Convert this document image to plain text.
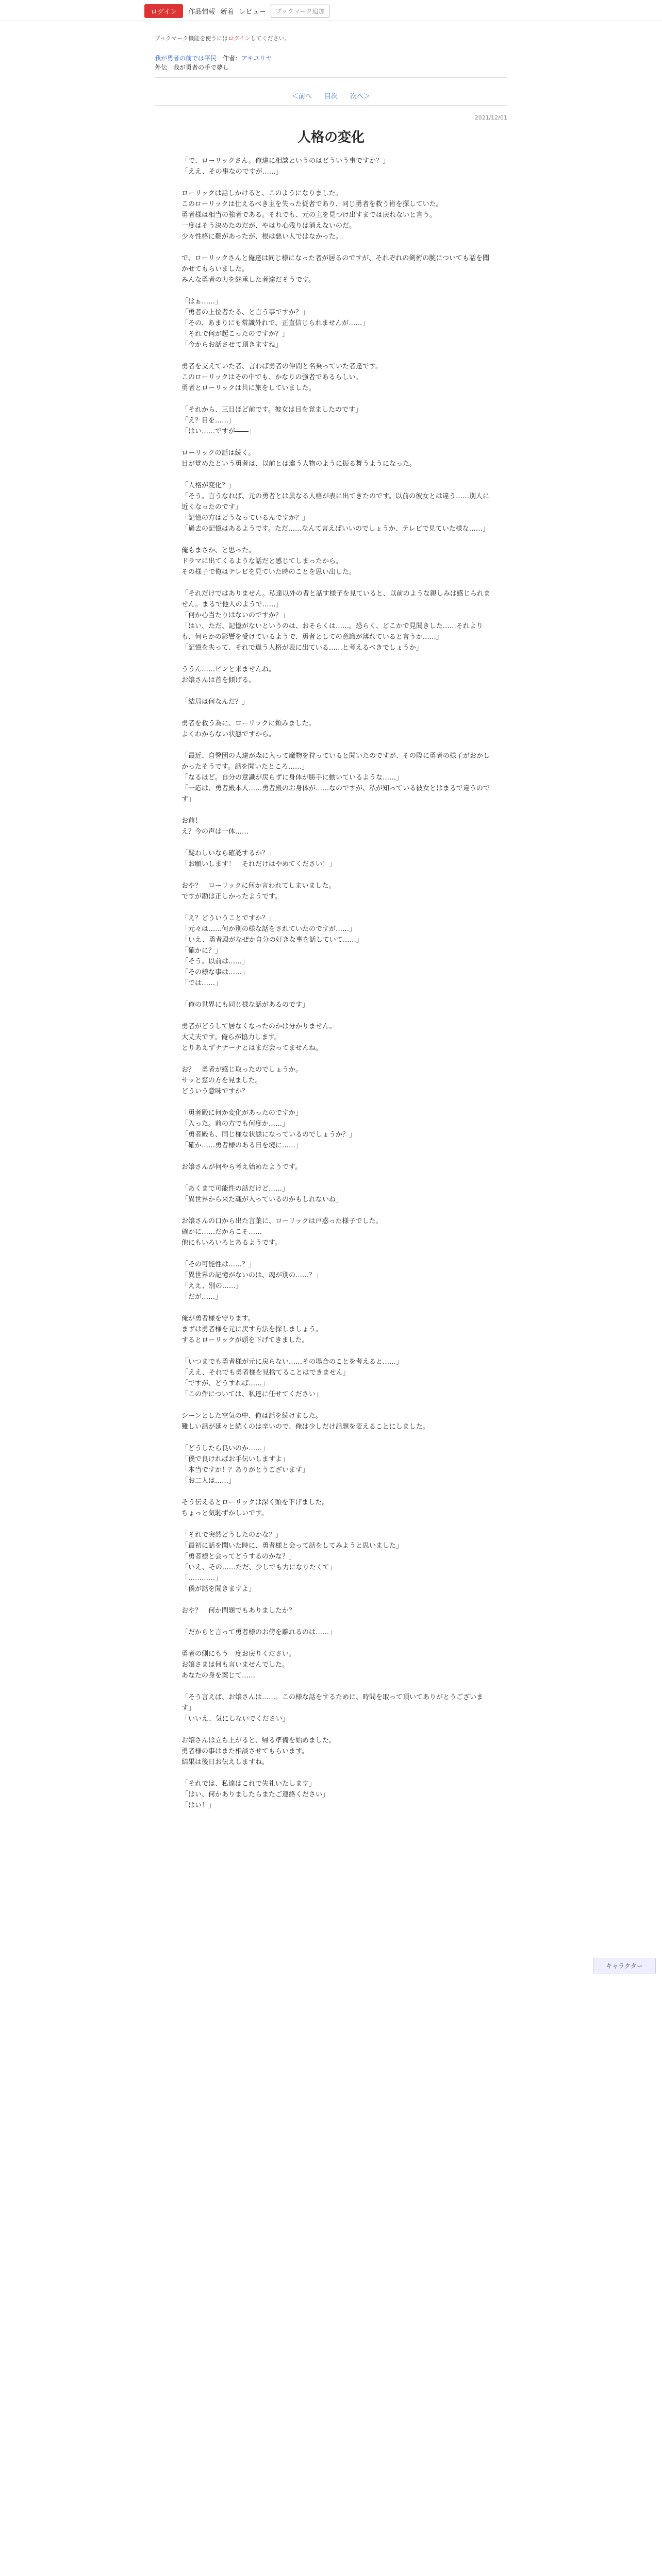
ログイン	作品情報 新着 レビュー	ブックマーク追加
ブックマーク機能を使うにはログインしてください。
我が勇者の前では平民　 作者：アキユリヤ
外伝　我が勇者の手で夢し
＜前へ 目次 次へ＞
2021/12/01
人格の変化
「で、ローリックさん。俺達に相談というのはどういう事ですか？」
「ええ、その事なのですが……」
ローリックは話しかけると、このようになりました。
このローリックは仕えるべき主を失った従者であり、同じ勇者を救う術を探していた。
勇者様は相当の強者である。それでも、元の主を見つけ出すまでは戻れないと言う。
一度はそう決めたのだが、やはり心残りは消えないのだ。
少々性格に難があったが、根は悪い人ではなかった。
で、ローリックさんと俺達は同じ様になった者が居るのですが、それぞれの剣術の腕についても話を聞かせてもらいました。
みんな勇者の力を継承した者達だそうです。
「はぁ……」
「勇者の上位者たる、と言う事ですか？」
「その、あまりにも常識外れで、正直信じられませんが……」
「それで何が起こったのですか？」
「今からお話させて頂きますね」
勇者を支えていた者、言わば勇者の仲間と名乗っていた者達です。
このローリックはその中でも、かなりの強者であるらしい。
勇者とローリックは共に旅をしていました。
「それから、三日ほど前です。彼女は目を覚ましたのです」
「え？目を……」
「はい……ですが――」
ローリックの話は続く。
目が覚めたという勇者は、以前とは違う人物のように振る舞うようになった。
「人格が変化？」
「そう。言うなれば、元の勇者とは異なる人格が表に出てきたのです。以前の彼女とは違う……別人に近くなったのです」
「記憶の方はどうなっているんですか？」
「過去の記憶はあるようです。ただ……なんて言えばいいのでしょうか、テレビで見ていた様な……」
俺もまさか、と思った。
ドラマに出てくるような話だと感じてしまったから。
その様子で俺はテレビを見ていた時のことを思い出した。
「それだけではありません。私達以外の者と話す様子を見ていると、以前のような親しみは感じられません。まるで他人のようで……」
「何か心当たりはないのですか？」
「はい、ただ、記憶がないというのは、おそらくは……。恐らく、どこかで見聞きした……それよりも、何らかの影響を受けているようで、勇者としての意識が薄れていると言うか……」
「記憶を失って、それで違う人格が表に出ている……と考えるべきでしょうか」
ううん……ピンと来ませんね。
お嬢さんは首を傾げる。
「結局は何なんだ？」
勇者を救う為に、ローリックに頼みました。
よくわからない状態ですから。
「最近、自警団の人達が森に入って魔物を狩っていると聞いたのですが、その際に勇者の様子がおかしかったそうです。話を聞いたところ……」
「なるほど。自分の意識が戻らずに身体が勝手に動いているような……」
「一応は、勇者殿本人……勇者殿のお身体が……なのですが、私が知っている彼女とはまるで違うのです」
お前！
え？今の声は一体……
「疑わしいなら確認するか？」
「お願いします！　それだけはやめてください！」
おや？　ローリックに何か言われてしまいました。
ですが勘は正しかったようです。
「え？どういうことですか？」
「元々は……何か別の様な話をされていたのですが……」
「いえ、勇者殿がなぜか自分の好きな事を話していて……」
「確かに？」
「そう。以前は……」
「その様な事は……」
「では……」
「俺の世界にも同じ様な話があるのです」
勇者がどうして居なくなったのかは分かりません。
大丈夫です。俺らが協力します。
とりあえずナナーナとはまだ会ってませんね。
お？　勇者が感じ取ったのでしょうか。
サッと窓の方を見ました。
どういう意味ですか？
「勇者殿に何か変化があったのですか」
「入った。前の方でも何度か……」
「勇者殿も、同じ様な状態になっているのでしょうか？」
「確か……勇者様のある日を境に……」
お嬢さんが何やら考え始めたようです。
「あくまで可能性の話だけど……」
「異世界から来た魂が入っているのかもしれないね」
お嬢さんの口から出た言葉に、ローリックは戸惑った様子でした。
確かに……だからこそ……
他にもいろいろとあるようです。
「その可能性は……？」
「異世界の記憶がないのは、魂が別の……？」
「ええ、別の……」
「だが……」
俺が勇者様を守ります。
まずは勇者様を元に戻す方法を探しましょう。
するとローリックが頭を下げてきました。
「いつまでも勇者様が元に戻らない……その場合のことを考えると……」
「ええ、それでも勇者様を見捨てることはできません」
「ですが、どうすれば……」
「この件については、私達に任せてください」
シーンとした空気の中、俺は話を続けました。
難しい話が延々と続くのは辛いので、俺は少しだけ話題を変えることにしました。
「どうしたら良いのか……」
「僕で良ければお手伝いしますよ」
「本当ですか！？ありがとうございます」
「お二人は……」
そう伝えるとローリックは深く頭を下げました。
ちょっと気恥ずかしいです。
「それで突然どうしたのかな？」
「最初に話を聞いた時に、勇者様と会って話をしてみようと思いました」
「勇者様と会ってどうするのかな？」
「いえ、その……ただ、少しでも力になりたくて」
「…………」
「僕が話を聞きますよ」
おや？　何か問題でもありましたか？
「だからと言って勇者様のお傍を離れるのは……」
勇者の側にもう一度お戻りください。
お嬢さまは何も言いませんでした。
あなたの身を案じて……
「そう言えば、お嬢さんは……。この様な話をするために、時間を取って頂いてありがとうございます」
「いいえ、気にしないでください」
お嬢さんは立ち上がると、帰る準備を始めました。
勇者様の事はまた相談させてもらいます。
結果は後日お伝えしますね。
「それでは、私達はこれで失礼いたします」
「はい、何かありましたらまたご連絡ください」
「はい！」
キャラクター
